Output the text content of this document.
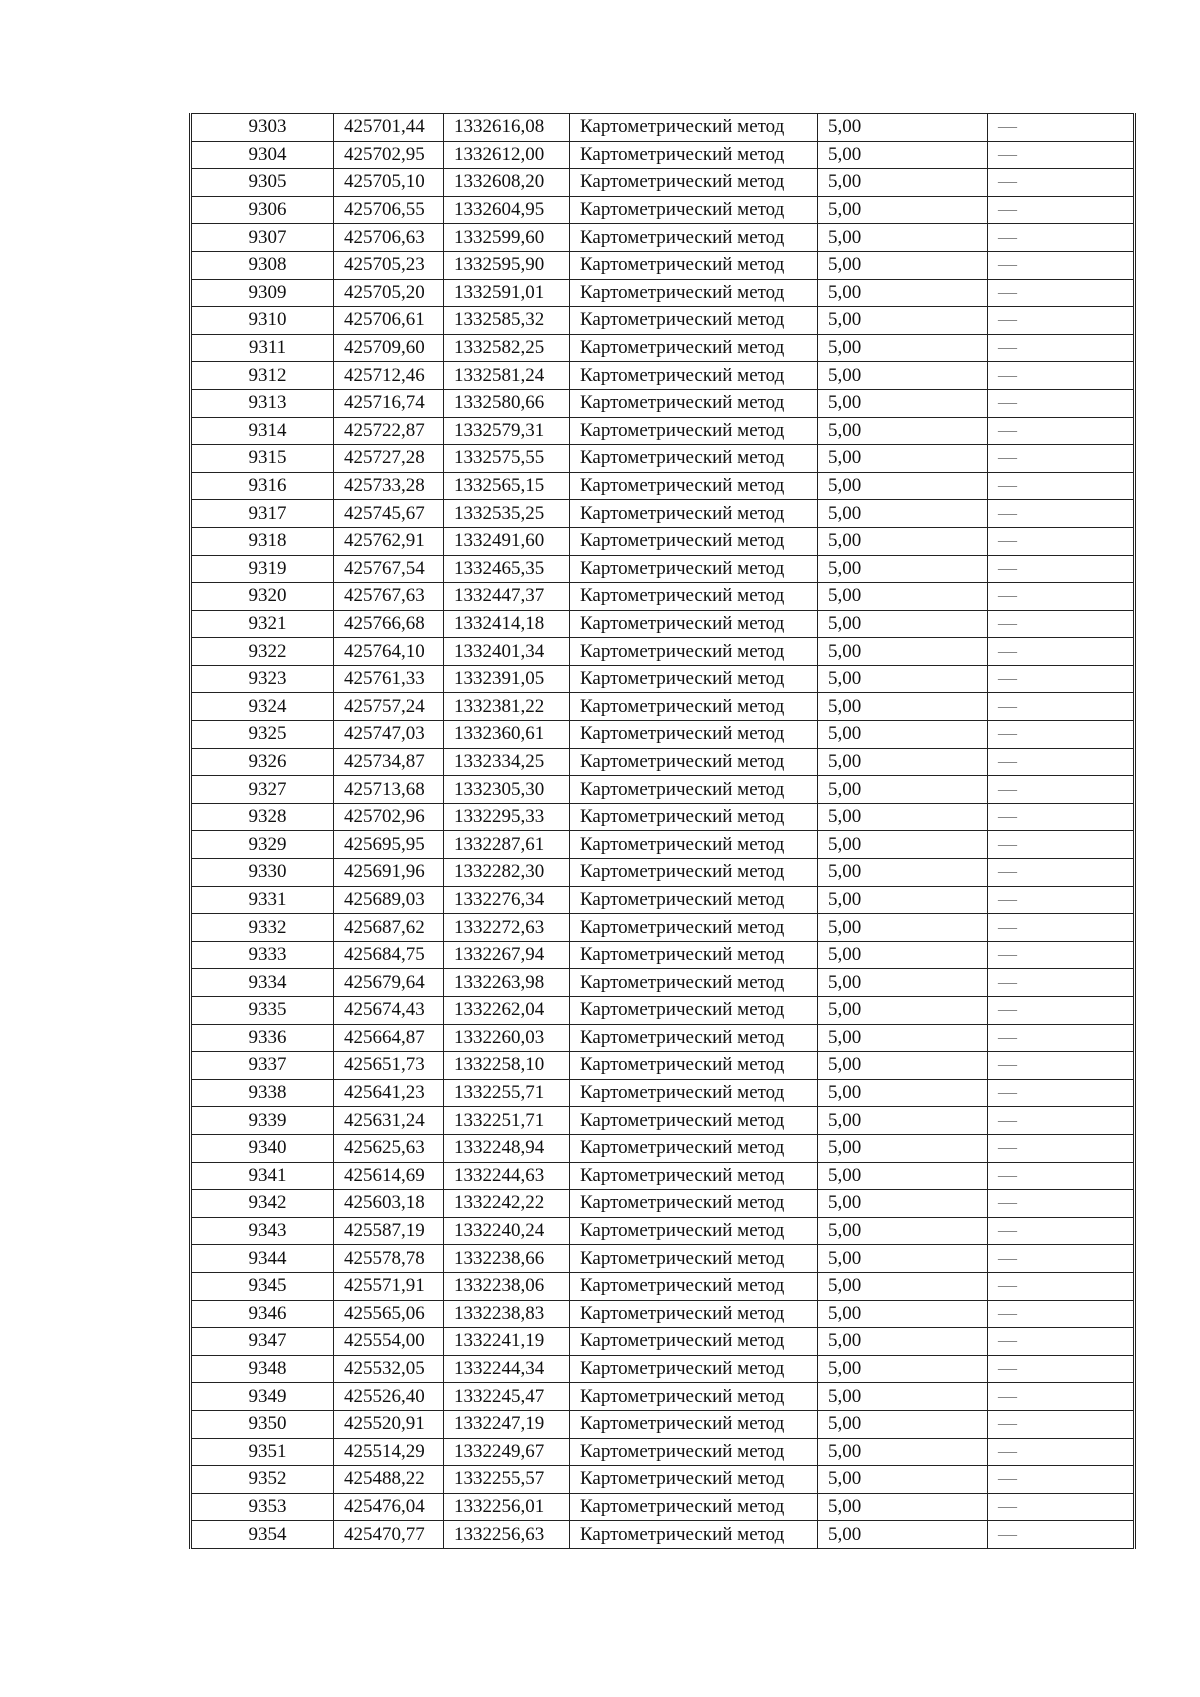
9303	425701,44	1332616,08	Картометрический метод	5,00	—
9304	425702,95	1332612,00	Картометрический метод	5,00	—
9305	425705,10	1332608,20	Картометрический метод	5,00	—
9306	425706,55	1332604,95	Картометрический метод	5,00	—
9307	425706,63	1332599,60	Картометрический метод	5,00	—
9308	425705,23	1332595,90	Картометрический метод	5,00	—
9309	425705,20	1332591,01	Картометрический метод	5,00	—
9310	425706,61	1332585,32	Картометрический метод	5,00	—
9311	425709,60	1332582,25	Картометрический метод	5,00	—
9312	425712,46	1332581,24	Картометрический метод	5,00	—
9313	425716,74	1332580,66	Картометрический метод	5,00	—
9314	425722,87	1332579,31	Картометрический метод	5,00	—
9315	425727,28	1332575,55	Картометрический метод	5,00	—
9316	425733,28	1332565,15	Картометрический метод	5,00	—
9317	425745,67	1332535,25	Картометрический метод	5,00	—
9318	425762,91	1332491,60	Картометрический метод	5,00	—
9319	425767,54	1332465,35	Картометрический метод	5,00	—
9320	425767,63	1332447,37	Картометрический метод	5,00	—
9321	425766,68	1332414,18	Картометрический метод	5,00	—
9322	425764,10	1332401,34	Картометрический метод	5,00	—
9323	425761,33	1332391,05	Картометрический метод	5,00	—
9324	425757,24	1332381,22	Картометрический метод	5,00	—
9325	425747,03	1332360,61	Картометрический метод	5,00	—
9326	425734,87	1332334,25	Картометрический метод	5,00	—
9327	425713,68	1332305,30	Картометрический метод	5,00	—
9328	425702,96	1332295,33	Картометрический метод	5,00	—
9329	425695,95	1332287,61	Картометрический метод	5,00	—
9330	425691,96	1332282,30	Картометрический метод	5,00	—
9331	425689,03	1332276,34	Картометрический метод	5,00	—
9332	425687,62	1332272,63	Картометрический метод	5,00	—
9333	425684,75	1332267,94	Картометрический метод	5,00	—
9334	425679,64	1332263,98	Картометрический метод	5,00	—
9335	425674,43	1332262,04	Картометрический метод	5,00	—
9336	425664,87	1332260,03	Картометрический метод	5,00	—
9337	425651,73	1332258,10	Картометрический метод	5,00	—
9338	425641,23	1332255,71	Картометрический метод	5,00	—
9339	425631,24	1332251,71	Картометрический метод	5,00	—
9340	425625,63	1332248,94	Картометрический метод	5,00	—
9341	425614,69	1332244,63	Картометрический метод	5,00	—
9342	425603,18	1332242,22	Картометрический метод	5,00	—
9343	425587,19	1332240,24	Картометрический метод	5,00	—
9344	425578,78	1332238,66	Картометрический метод	5,00	—
9345	425571,91	1332238,06	Картометрический метод	5,00	—
9346	425565,06	1332238,83	Картометрический метод	5,00	—
9347	425554,00	1332241,19	Картометрический метод	5,00	—
9348	425532,05	1332244,34	Картометрический метод	5,00	—
9349	425526,40	1332245,47	Картометрический метод	5,00	—
9350	425520,91	1332247,19	Картометрический метод	5,00	—
9351	425514,29	1332249,67	Картометрический метод	5,00	—
9352	425488,22	1332255,57	Картометрический метод	5,00	—
9353	425476,04	1332256,01	Картометрический метод	5,00	—
9354	425470,77	1332256,63	Картометрический метод	5,00	—
